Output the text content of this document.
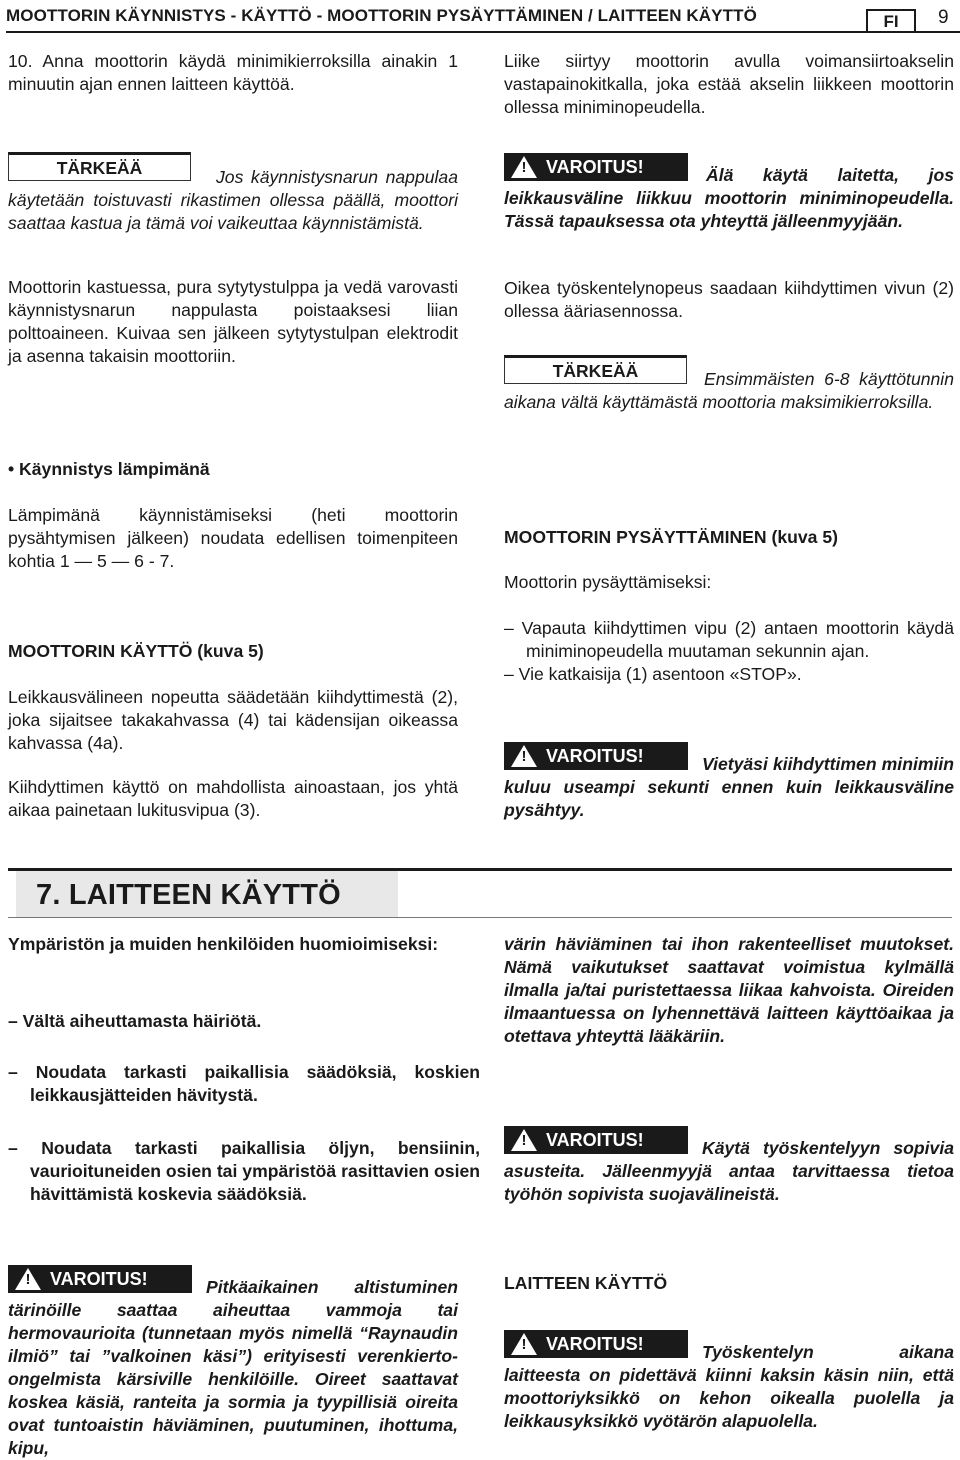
MOOTTORIN KÄYNNISTYS - KÄYTTÖ - MOOTTORIN PYSÄYTTÄMINEN / LAITTEEN KÄYTTÖ	FI	9
10. Anna moottorin käydä minimikierroksilla ainakin 1 minuutin ajan ennen laitteen käyttöä.
TÄRKEÄÄ	Jos käynnistysnarun nappulaa käytetään toistuvasti rikastimen ollessa päällä, moottori saattaa kastua ja tämä voi vaikeuttaa käynnistämistä.
Moottorin kastuessa, pura sytytystulppa ja vedä varovasti käynnistysnarun nappulasta poistaaksesi liian polttoaineen. Kuivaa sen jälkeen sytytystulpan elektrodit ja asenna takaisin moottoriin.
• Käynnistys lämpimänä
Lämpimänä käynnistämiseksi (heti moottorin pysähtymisen jälkeen) noudata edellisen toimenpiteen kohtia 1 — 5 — 6 - 7.
MOOTTORIN KÄYTTÖ (kuva 5)
Leikkausvälineen nopeutta säädetään kiihdyttimestä (2), joka sijaitsee takakahvassa (4) tai kädensijan oikeassa kahvassa (4a).
Kiihdyttimen käyttö on mahdollista ainoastaan, jos yhtä aikaa painetaan lukitusvipua (3).
Liike siirtyy moottorin avulla voimansiirtoakselin vastapainokitkalla, joka estää akselin liikkeen moottorin ollessa miniminopeudella.
! VAROITUS!	Älä käytä laitetta, jos leikkausväline liikkuu moottorin miniminopeudella. Tässä tapauksessa ota yhteyttä jälleenmyyjään.
Oikea työskentelynopeus saadaan kiihdyttimen vivun (2) ollessa ääriasennossa.
TÄRKEÄÄ	Ensimmäisten 6-8 käyttötunnin aikana vältä käyttämästä moottoria maksimikierroksilla.
MOOTTORIN PYSÄYTTÄMINEN (kuva 5)
Moottorin pysäyttämiseksi:
– Vapauta kiihdyttimen vipu (2) antaen moottorin käydä miniminopeudella muutaman sekunnin ajan.
– Vie katkaisija (1) asentoon «STOP».
! VAROITUS!	Vietyäsi kiihdyttimen minimiin kuluu useampi sekunti ennen kuin leikkausväline pysähtyy.
7. LAITTEEN KÄYTTÖ
Ympäristön ja muiden henkilöiden huomioimiseksi:
– Vältä aiheuttamasta häiriötä.
– Noudata tarkasti paikallisia säädöksiä, koskien leikkausjätteiden hävitystä.
– Noudata tarkasti paikallisia öljyn, bensiinin, vaurioituneiden osien tai ympäristöä rasittavien osien hävittämistä koskevia säädöksiä.
! VAROITUS!	Pitkäaikainen altistuminen tärinöille saattaa aiheuttaa vammoja tai hermovaurioita (tunnetaan myös nimellä “Raynaudin ilmiö” tai ”valkoinen käsi”) erityisesti verenkierto-ongelmista kärsiville henkilöille. Oireet saattavat koskea käsiä, ranteita ja sormia ja tyypillisiä oireita ovat tuntoaistin häviäminen, puutuminen, ihottuma, kipu,
värin häviäminen tai ihon rakenteelliset muutokset. Nämä vaikutukset saattavat voimistua kylmällä ilmalla ja/tai puristettaessa liikaa kahvoista. Oireiden ilmaantuessa on lyhennettävä laitteen käyttöaikaa ja otettava yhteyttä lääkäriin.
! VAROITUS!	Käytä työskentelyyn sopivia asusteita. Jälleenmyyjä antaa tarvittaessa tietoa työhön sopivista suojavälineistä.
LAITTEEN KÄYTTÖ
! VAROITUS!	Työskentelyn aikana laitteesta on pidettävä kiinni kaksin käsin niin, että moottoriyksikkö on kehon oikealla puolella ja leikkausyksikkö vyötärön alapuolella.
